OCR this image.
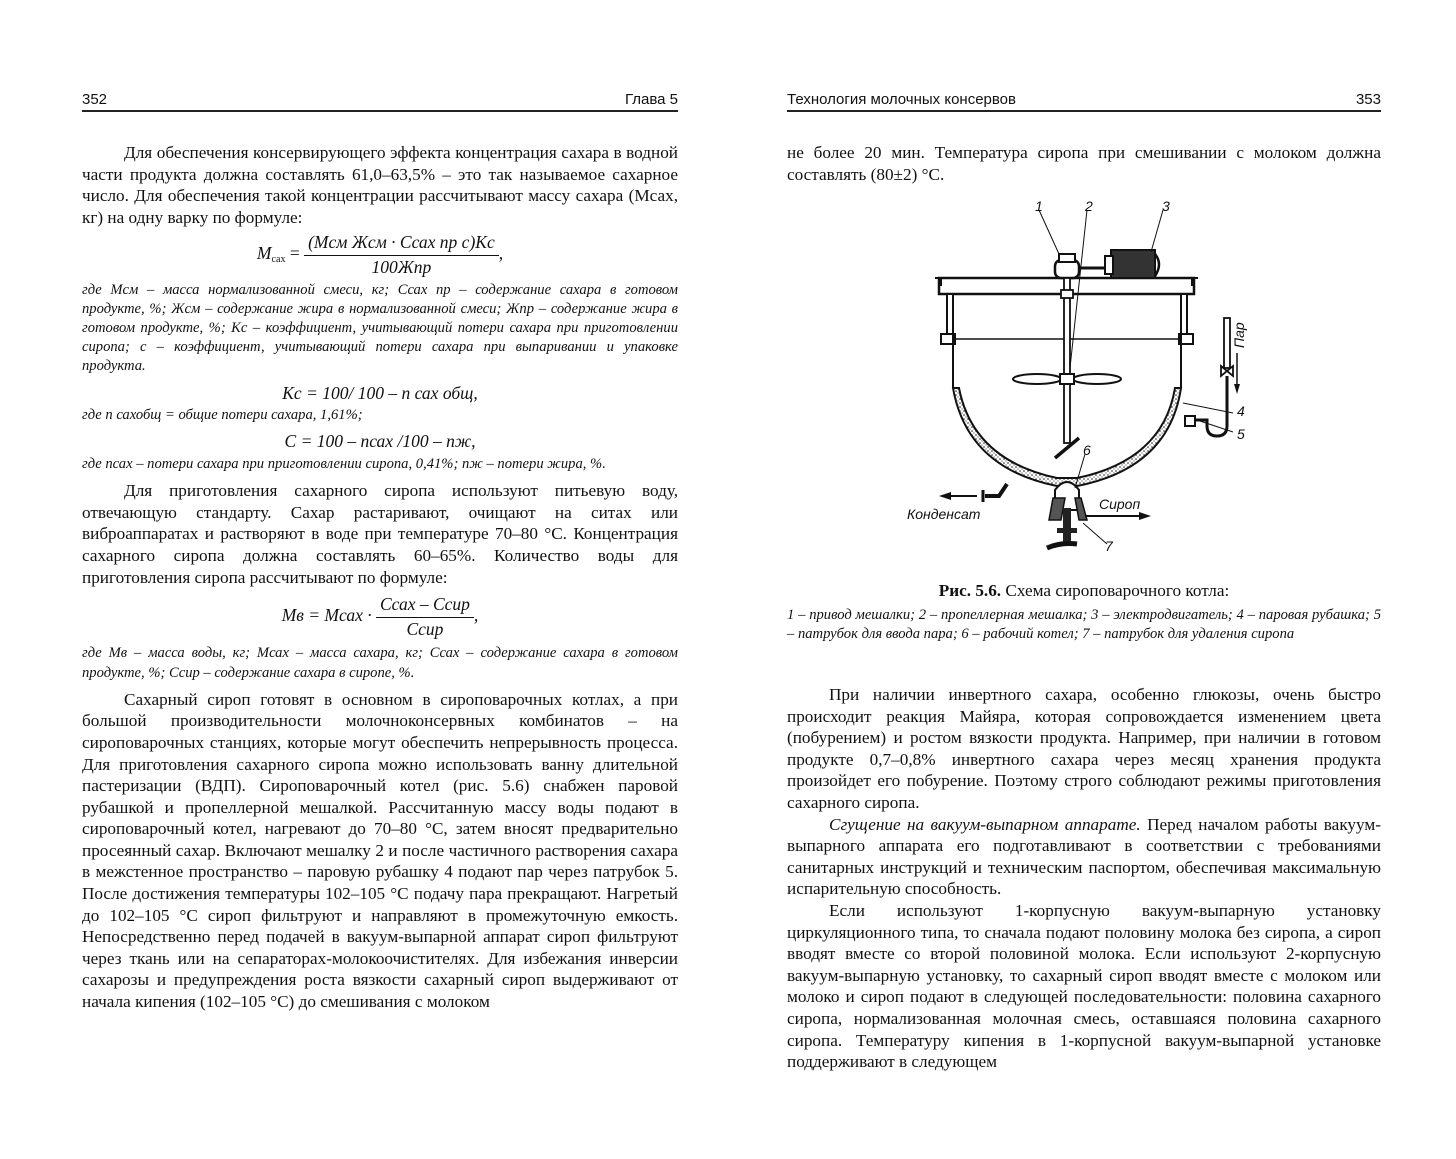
352	Глава 5

Для обеспечения консервирующего эффекта концентрация сахара в водной части продукта должна составлять 61,0–63,5% – это так называемое сахарное число. Для обеспечения такой концентрации рассчитывают массу сахара (Mсах, кг) на одну варку по формуле:

$M_{сах} = \frac{\text{(Mсм Жсм · Cсах пр c)Kс}}{\text{100Жпр}}$ ,

где Mсм – масса нормализованной смеси, кг; Cсах пр – содержание сахара в готовом продукте, %; Жсм – содержание жира в нормализованной смеси; Жпр – содержание жира в готовом продукте, %; Kс – коэффициент, учитывающий потери сахара при приготовлении сиропа; c – коэффициент, учитывающий потери сахара при выпаривании и упаковке продукта.

Kс = 100/ 100 – n сах общ,

где n сахобщ = общие потери сахара, 1,61%;

C = 100 – nсах /100 – nж,

где nсах – потери сахара при приготовлении сиропа, 0,41%; nж – потери жира, %.

Для приготовления сахарного сиропа используют питьевую воду, отвечающую стандарту. Сахар растаривают, очищают на ситах или виброаппаратах и растворяют в воде при температуре 70–80 °С. Концентрация сахарного сиропа должна составлять 60–65%. Количество воды для приготовления сиропа рассчитывают по формуле:

Mв = Mсах · $\frac{\text{Cсах – Cсир}}{\text{Cсир}}$ ,

где Mв – масса воды, кг; Mсах – масса сахара, кг; Cсах – содержание сахара в готовом продукте, %; Cсир – содержание сахара в сиропе, %.

Сахарный сироп готовят в основном в сироповарочных котлах, а при большой производительности молочноконсервных комбинатов – на сироповарочных станциях, которые могут обеспечить непрерывность процесса. Для приготовления сахарного сиропа можно использовать ванну длительной пастеризации (ВДП). Сироповарочный котел (рис. 5.6) снабжен паровой рубашкой и пропеллерной мешалкой. Рассчитанную массу воды подают в сироповарочный котел, нагревают до 70–80 °С, затем вносят предварительно просеянный сахар. Включают мешалку 2 и после частичного растворения сахара в межстенное пространство – паровую рубашку 4 подают пар через патрубок 5. После достижения температуры 102–105 °С подачу пара прекращают. Нагретый до 102–105 °С сироп фильтруют и направляют в промежуточную емкость. Непосредственно перед подачей в вакуум-выпарной аппарат сироп фильтруют через ткань или на сепараторах-молокоочистителях. Для избежания инверсии сахарозы и предупреждения роста вязкости сахарный сироп выдерживают от начала кипения (102–105 °С) до смешивания с молоком

Технология молочных консервов	353

не более 20 мин. Температура сиропа при смешивании с молоком должна составлять (80±2) °С.

1	2	3
4
5
6
7
Пар
Конденсат
Сироп

Рис. 5.6. Схема сироповарочного котла:

1 – привод мешалки; 2 – пропеллерная мешалка; 3 – электродвигатель; 4 – паровая рубашка; 5 – патрубок для ввода пара; 6 – рабочий котел; 7 – патрубок для удаления сиропа

При наличии инвертного сахара, особенно глюкозы, очень быстро происходит реакция Майяра, которая сопровождается изменением цвета (побурением) и ростом вязкости продукта. Например, при наличии в готовом продукте 0,7–0,8% инвертного сахара через месяц хранения продукта произойдет его побурение. Поэтому строго соблюдают режимы приготовления сахарного сиропа.

Сгущение на вакуум-выпарном аппарате. Перед началом работы вакуум-выпарного аппарата его подготавливают в соответствии с требованиями санитарных инструкций и техническим паспортом, обеспечивая максимальную испарительную способность.

Если используют 1-корпусную вакуум-выпарную установку циркуляционного типа, то сначала подают половину молока без сиропа, а сироп вводят вместе со второй половиной молока. Если используют 2-корпусную вакуум-выпарную установку, то сахарный сироп вводят вместе с молоком или молоко и сироп подают в следующей последовательности: половина сахарного сиропа, нормализованная молочная смесь, оставшаяся половина сахарного сиропа. Температуру кипения в 1-корпусной вакуум-выпарной установке поддерживают в следующем
